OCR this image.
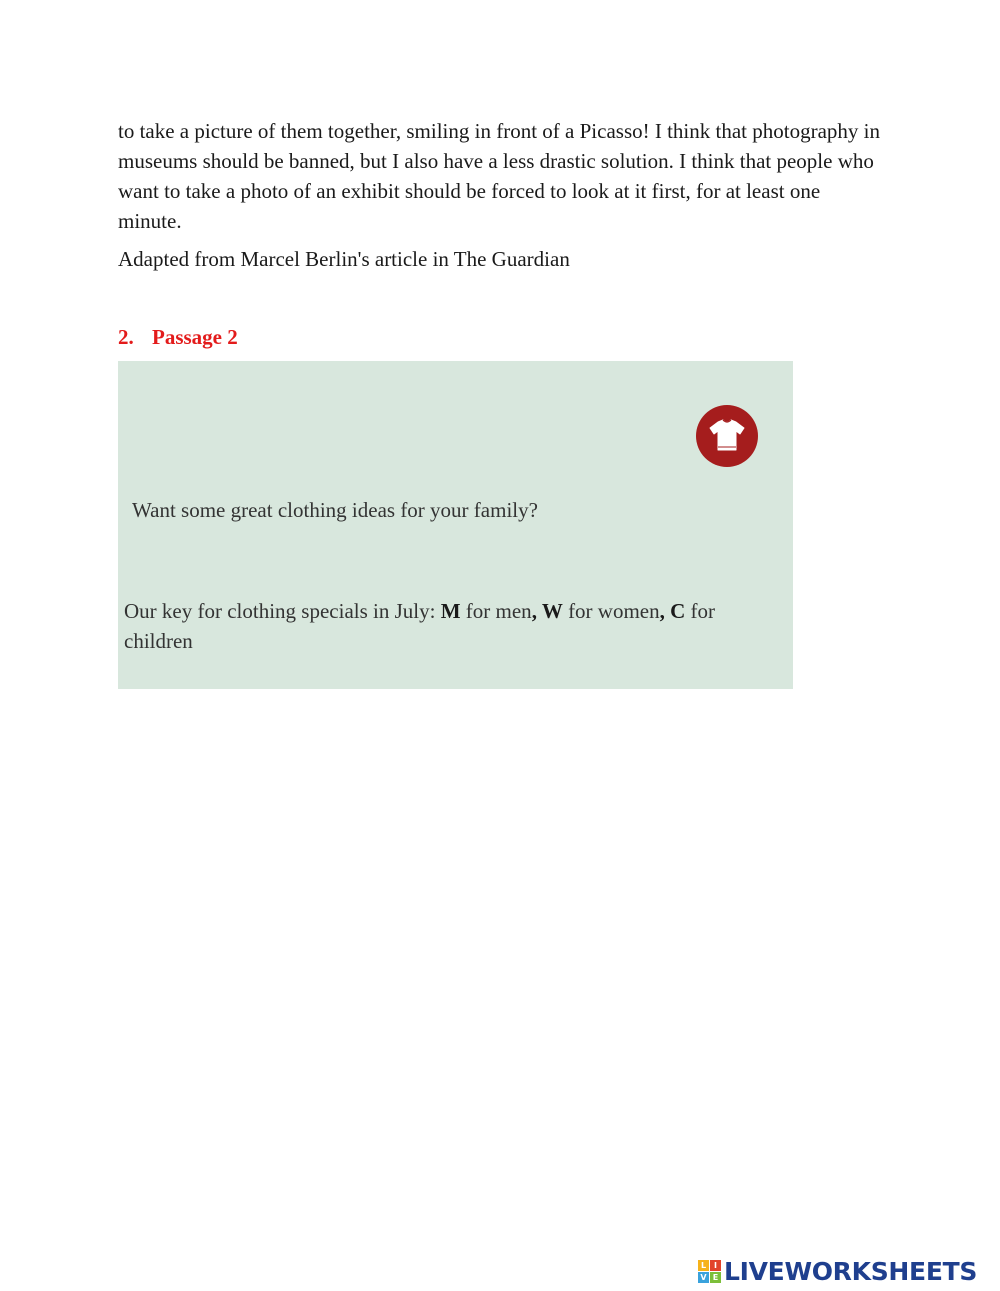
to take a picture of them together, smiling in front of a Picasso! I think that photography in museums should be banned, but I also have a less drastic solution. I think that people who want to take a photo of an exhibit should be forced to look at it first, for at least one minute.

Adapted from Marcel Berlin's article in The Guardian

2. Passage 2

Want some great clothing ideas for your family?

Our key for clothing specials in July: M for men, W for women, C for children

L I
V E LIVEWORKSHEETS
